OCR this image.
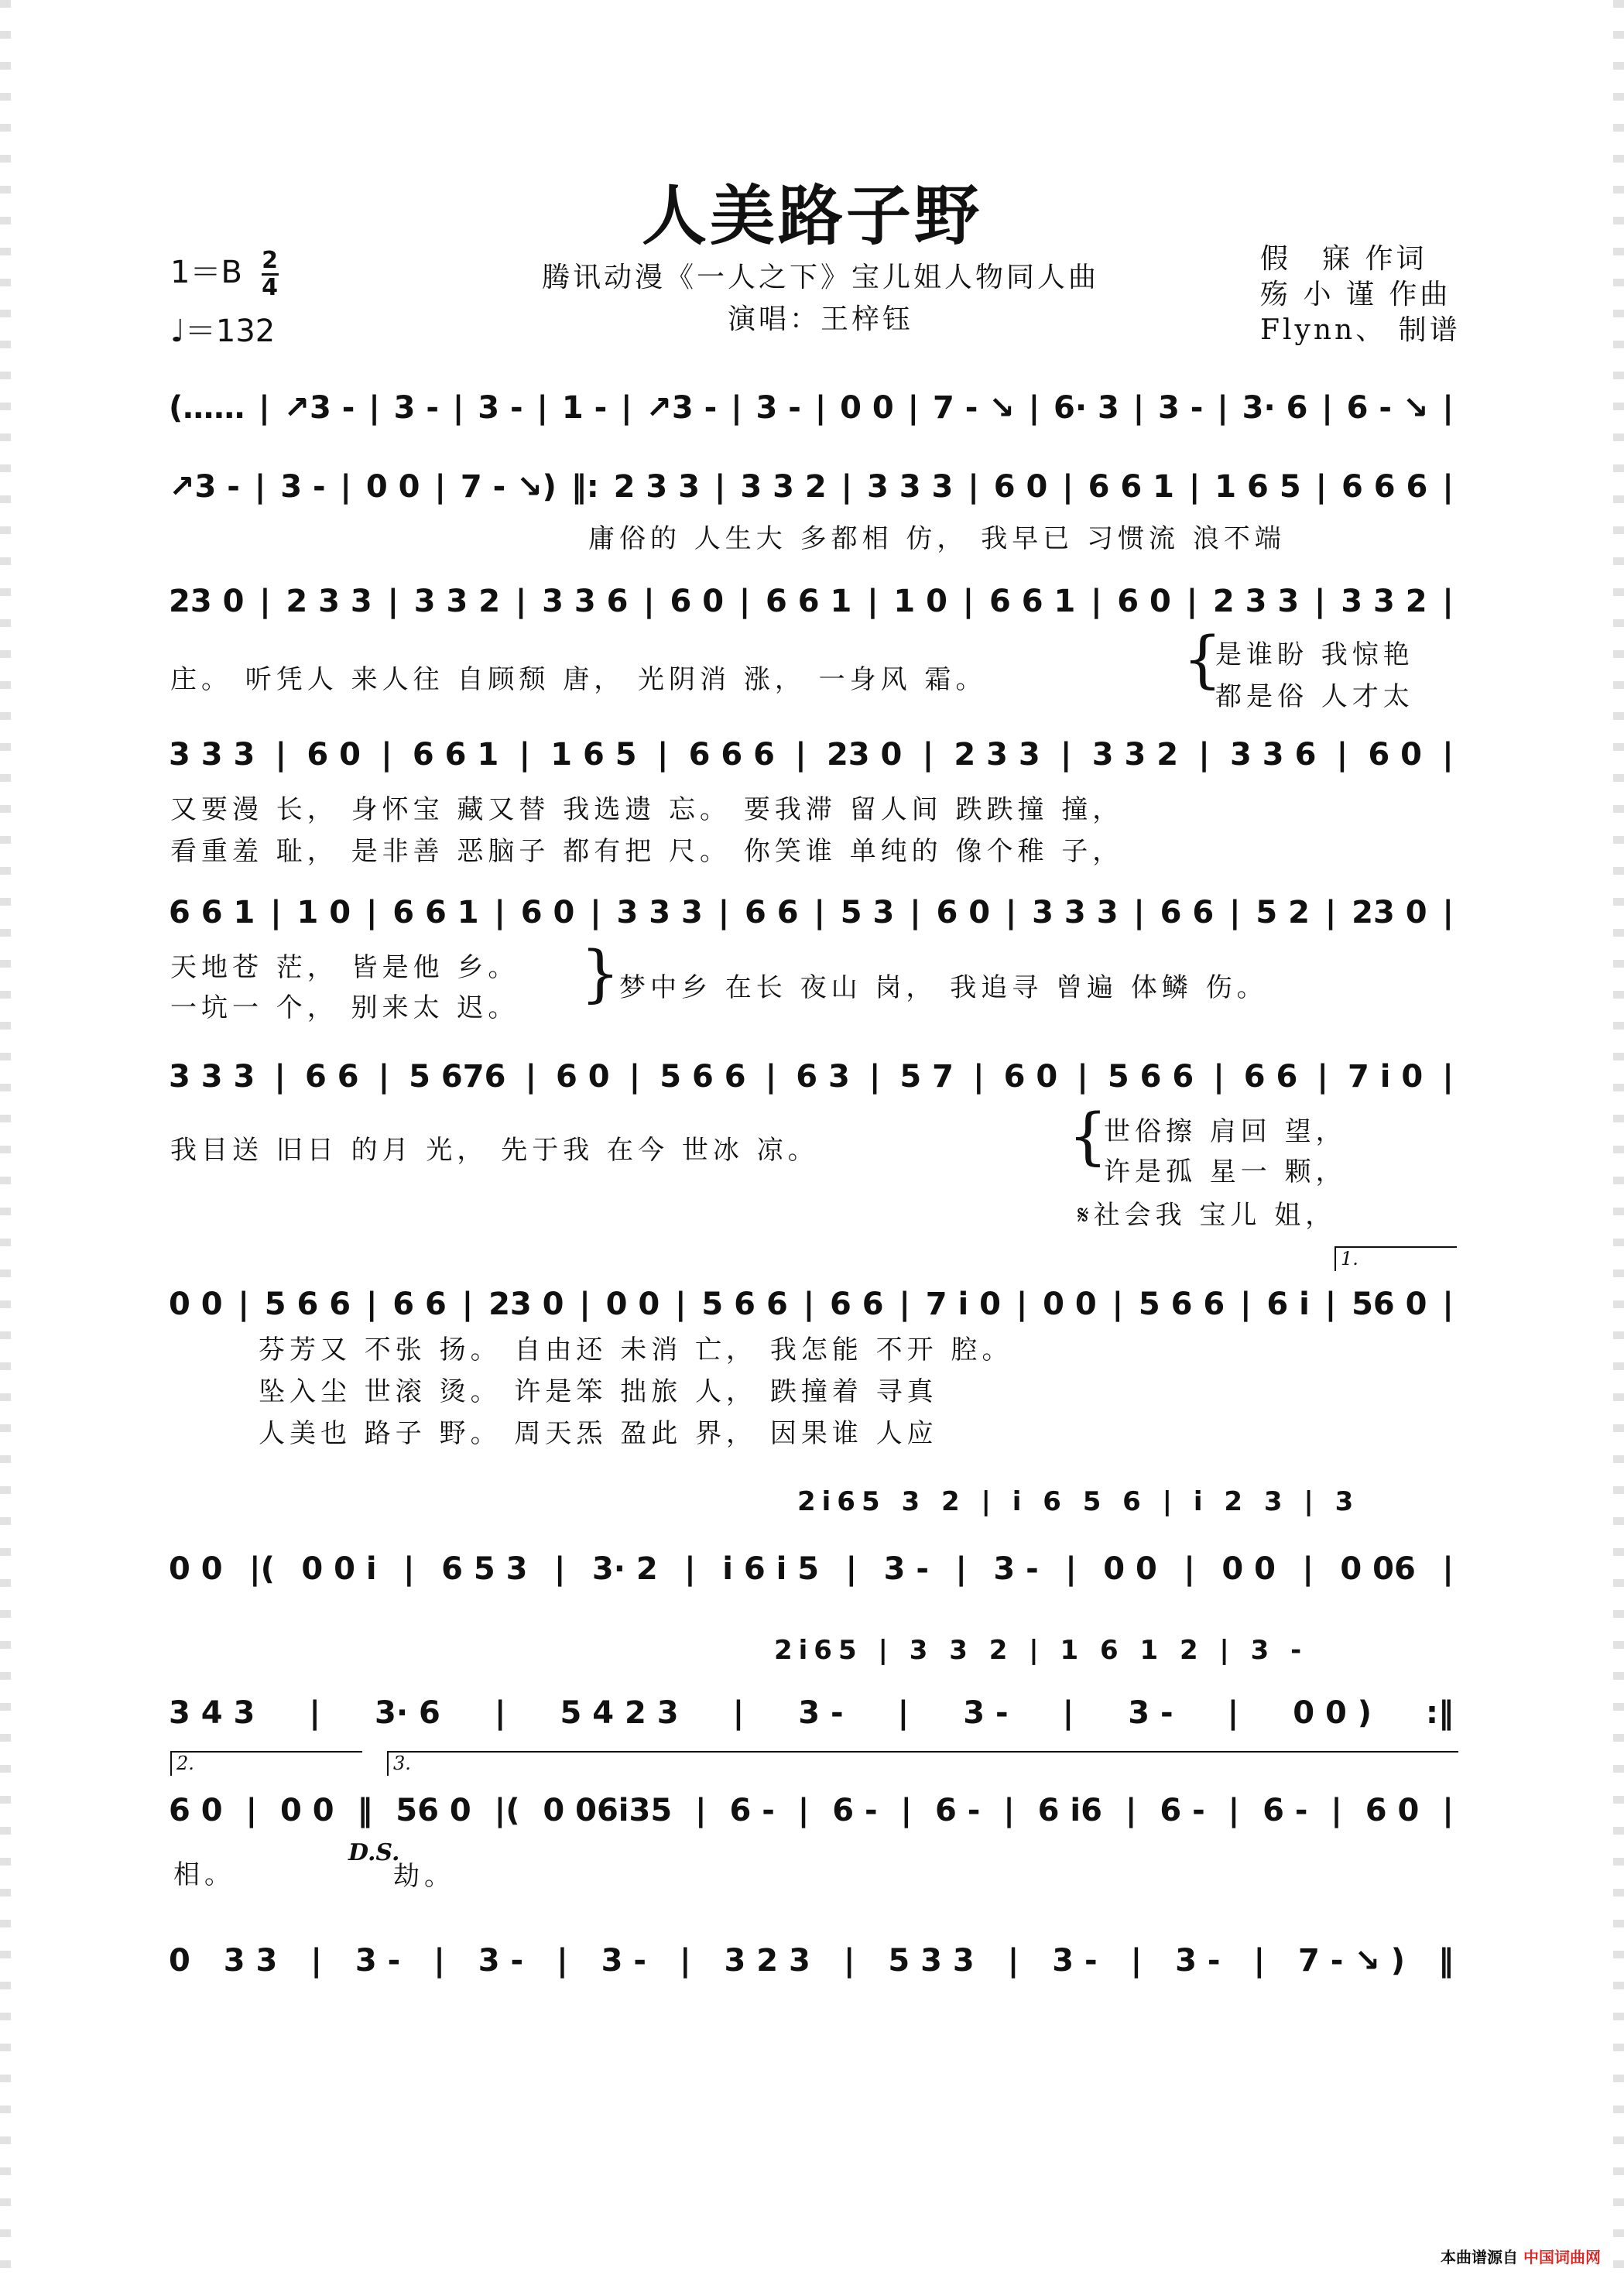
人美路子野
$1=B \frac{2}{4}$
♩＝132
腾讯动漫《一人之下》宝儿姐人物同人曲
演唱：王梓钰
假　寐 作词
殇 小 谨 作曲
Flynn、 制谱
(…… | ↗3 - | 3 - | 3 - | 1 - | ↗3 - | 3 - | 0 0 | 7 - ↘ | 6· 3 | 3 - | 3· 6 | 6 - ↘ |
↗3 - | 3 - | 0 0 | 7 - ↘) ‖: 2 3 3 | 3 3 2 | 3 3 3 | 6 0 | 6 6 1 | 1 6 5 | 6 6 6 |
庸俗的 人生大 多都相 仿， 我早已 习惯流 浪不端
23 0 | 2 3 3 | 3 3 2 | 3 3 6 | 6 0 | 6 6 1 | 1 0 | 6 6 1 | 6 0 | 2 3 3 | 3 3 2 |
庄。 听凭人 来人往 自顾颓 唐， 光阴消 涨， 一身风 霜。	{
是谁盼 我惊艳
都是俗 人才太
3 3 3 | 6 0 | 6 6 1 | 1 6 5 | 6 6 6 | 23 0 | 2 3 3 | 3 3 2 | 3 3 6 | 6 0 |
又要漫 长， 身怀宝 藏又替 我选遗 忘。 要我滞 留人间 跌跌撞 撞，
看重羞 耻， 是非善 恶脑子 都有把 尺。 你笑谁 单纯的 像个稚 子，
6 6 1 | 1 0 | 6 6 1 | 6 0 | 3 3 3 | 6 6 | 5 3 | 6 0 | 3 3 3 | 6 6 | 5 2 | 23 0 |
天地苍 茫， 皆是他 乡。
一坑一 个， 别来太 迟。 } 梦中乡 在长 夜山 岗， 我追寻 曾遍 体鳞 伤。
3 3 3 | 6 6 | 5 676 | 6 0 | 5 6 6 | 6 3 | 5 7 | 6 0 | 5 6 6 | 6 6 | 7 i 0 |
我目送 旧日 的月 光， 先于我 在今 世冰 凉。	{
世俗擦 肩回 望，
许是孤 星一 颗，
𝄋社会我 宝儿 姐，
1.
0 0 | 5 6 6 | 6 6 | 23 0 | 0 0 | 5 6 6 | 6 6 | 7 i 0 | 0 0 | 5 6 6 | 6 i | 56 0 |
芬芳又 不张 扬。 自由还 未消 亡， 我怎能 不开 腔。
坠入尘 世滚 烫。 许是笨 拙旅 人， 跌撞着 寻真
人美也 路子 野。 周天炁 盈此 界， 因果谁 人应
2i65 3 2 | i 6 5 6 | i 2 3 | 3
0 0 |( 0 0 i | 6 5 3 | 3· 2 | i 6 i 5 | 3 - | 3 - | 0 0 | 0 0 | 0 06 |
2i65 | 3 3 2 | 1 6 1 2 | 3 -
3 4 3 | 3· 6 | 5 4 2 3 | 3 - | 3 - | 3 - | 0 0 ) :‖
2.	3.
6 0 | 0 0 ‖ 56 0 |( 0 06i35 | 6 - | 6 - | 6 - | 6 i6 | 6 - | 6 - | 6 0 |
相。
D.S.
劫。
0 3 3 | 3 - | 3 - | 3 - | 3 2 3 | 5 3 3 | 3 - | 3 - | 7 - ↘ ) ‖
本曲谱源自 中国词曲网
